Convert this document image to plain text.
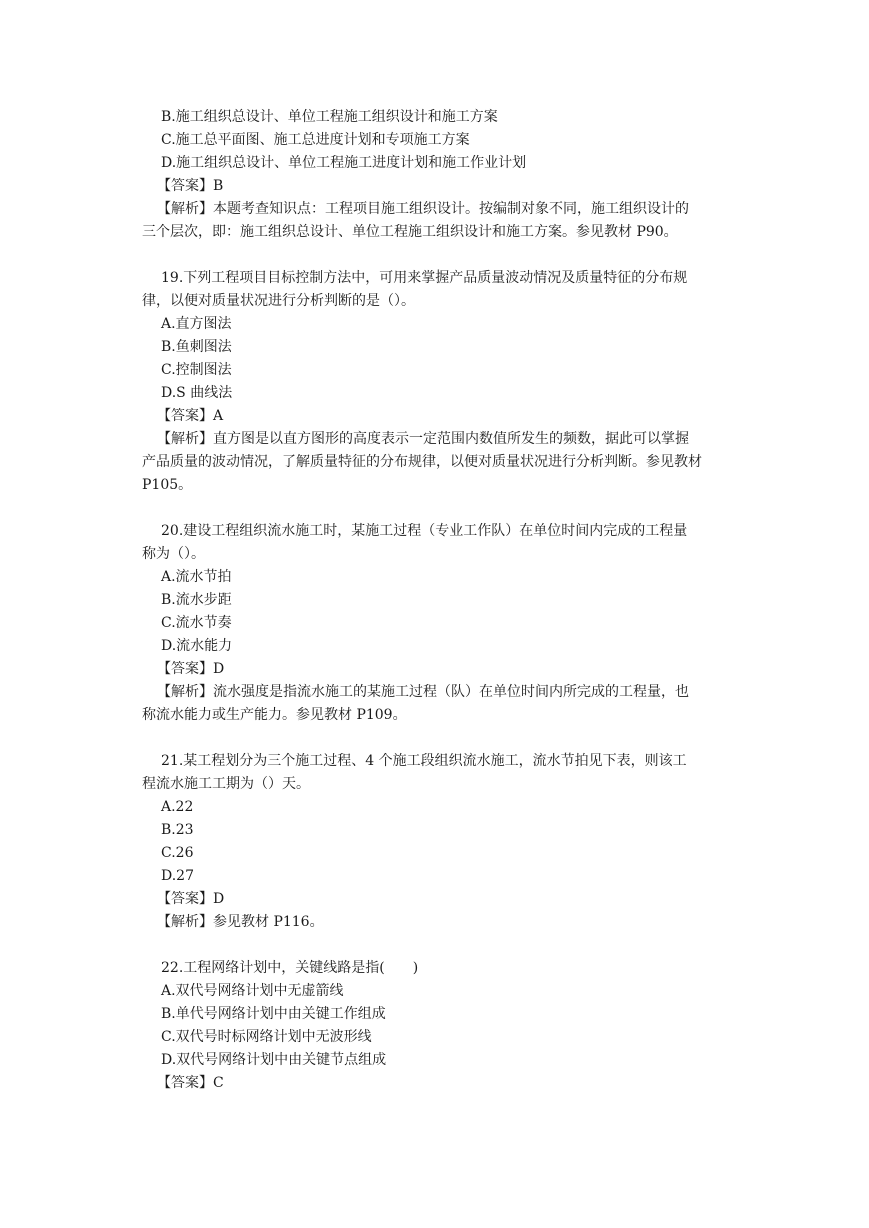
B.施工组织总设计、单位工程施工组织设计和施工方案
C.施工总平面图、施工总进度计划和专项施工方案
D.施工组织总设计、单位工程施工进度计划和施工作业计划
【答案】B
【解析】本题考查知识点：工程项目施工组织设计。按编制对象不同，施工组织设计的
三个层次，即：施工组织总设计、单位工程施工组织设计和施工方案。参见教材 P90。
19.下列工程项目目标控制方法中，可用来掌握产品质量波动情况及质量特征的分布规
律，以便对质量状况进行分析判断的是（）。
A.直方图法
B.鱼刺图法
C.控制图法
D.S 曲线法
【答案】A
【解析】直方图是以直方图形的高度表示一定范围内数值所发生的频数，据此可以掌握
产品质量的波动情况，了解质量特征的分布规律，以便对质量状况进行分析判断。参见教材
P105。
20.建设工程组织流水施工时，某施工过程（专业工作队）在单位时间内完成的工程量
称为（）。
A.流水节拍
B.流水步距
C.流水节奏
D.流水能力
【答案】D
【解析】流水强度是指流水施工的某施工过程（队）在单位时间内所完成的工程量，也
称流水能力或生产能力。参见教材 P109。
21.某工程划分为三个施工过程、4 个施工段组织流水施工，流水节拍见下表，则该工
程流水施工工期为（）天。
A.22
B.23
C.26
D.27
【答案】D
【解析】参见教材 P116。
22.工程网络计划中，关键线路是指(　　)
A.双代号网络计划中无虚箭线
B.单代号网络计划中由关键工作组成
C.双代号时标网络计划中无波形线
D.双代号网络计划中由关键节点组成
【答案】C
